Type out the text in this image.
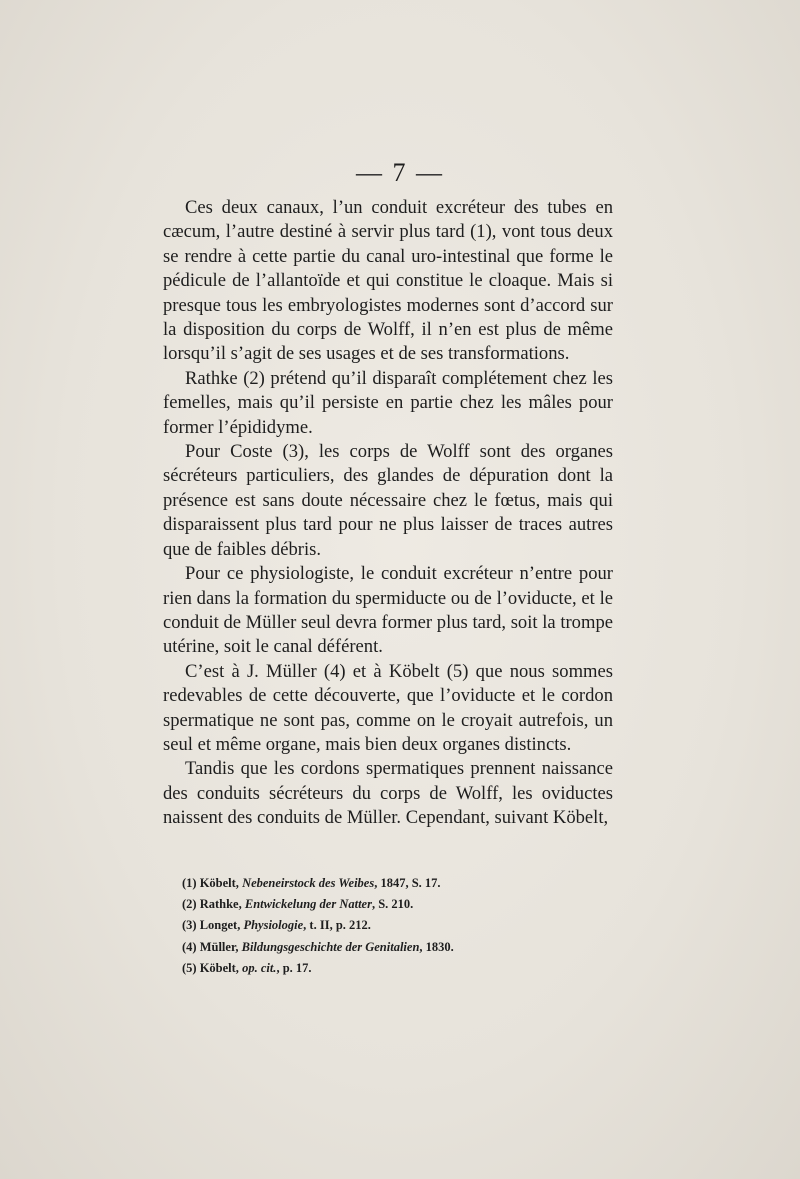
— 7 —

Ces deux canaux, l’un conduit excréteur des tubes en cæcum, l’autre destiné à servir plus tard (1), vont tous deux se rendre à cette partie du canal uro-intestinal que forme le pédicule de l’allantoïde et qui constitue le cloaque. Mais si presque tous les embryologistes modernes sont d’accord sur la disposition du corps de Wolff, il n’en est plus de même lorsqu’il s’agit de ses usages et de ses transformations.

Rathke (2) prétend qu’il disparaît complétement chez les femelles, mais qu’il persiste en partie chez les mâles pour former l’épididyme.

Pour Coste (3), les corps de Wolff sont des organes sécréteurs particuliers, des glandes de dépuration dont la présence est sans doute nécessaire chez le fœtus, mais qui disparaissent plus tard pour ne plus laisser de traces autres que de faibles débris.

Pour ce physiologiste, le conduit excréteur n’entre pour rien dans la formation du spermiducte ou de l’oviducte, et le conduit de Müller seul devra former plus tard, soit la trompe utérine, soit le canal déférent.

C’est à J. Müller (4) et à Köbelt (5) que nous sommes redevables de cette découverte, que l’oviducte et le cordon spermatique ne sont pas, comme on le croyait autrefois, un seul et même organe, mais bien deux organes distincts.

Tandis que les cordons spermatiques prennent naissance des conduits sécréteurs du corps de Wolff, les oviductes naissent des conduits de Müller. Cependant, suivant Köbelt,

(1) Köbelt, Nebeneirstock des Weibes, 1847, S. 17.

(2) Rathke, Entwickelung der Natter, S. 210.

(3) Longet, Physiologie, t. II, p. 212.

(4) Müller, Bildungsgeschichte der Genitalien, 1830.

(5) Köbelt, op. cit., p. 17.
